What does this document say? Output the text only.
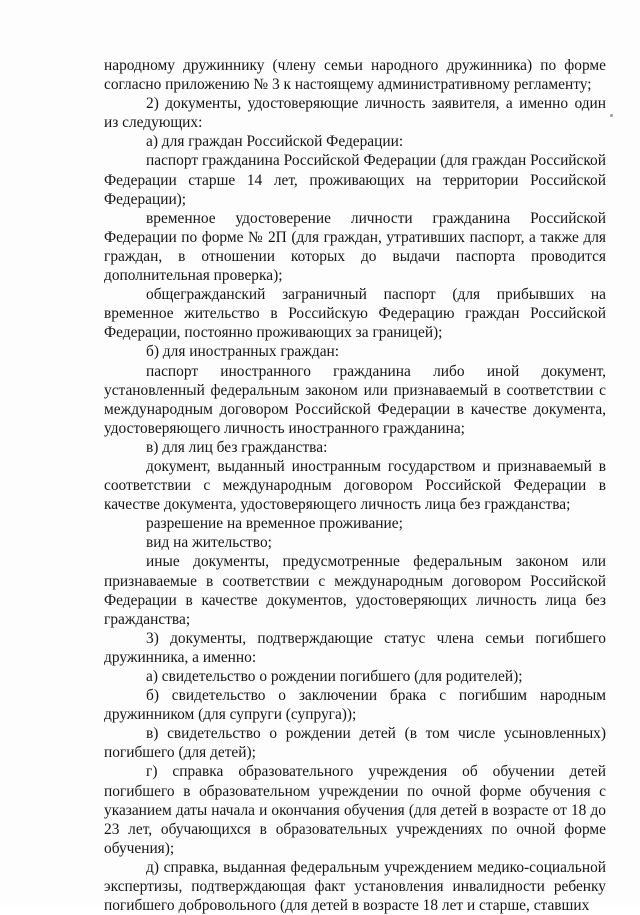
народному дружиннику (члену семьи народного дружинника) по форме согласно приложению № 3 к настоящему административному регламенту;

2) документы, удостоверяющие личность заявителя, а именно один из следующих:

а) для граждан Российской Федерации:

паспорт гражданина Российской Федерации (для граждан Российской Федерации старше 14 лет, проживающих на территории Российской Федерации);

временное удостоверение личности гражданина Российской Федерации по форме № 2П (для граждан, утративших паспорт, а также для граждан, в отношении которых до выдачи паспорта проводится дополнительная проверка);

общегражданский заграничный паспорт (для прибывших на временное жительство в Российскую Федерацию граждан Российской Федерации, постоянно проживающих за границей);

б) для иностранных граждан:

паспорт иностранного гражданина либо иной документ, установленный федеральным законом или признаваемый в соответствии с международным договором Российской Федерации в качестве документа, удостоверяющего личность иностранного гражданина;

в) для лиц без гражданства:

документ, выданный иностранным государством и признаваемый в соответствии с международным договором Российской Федерации в качестве документа, удостоверяющего личность лица без гражданства;

разрешение на временное проживание;

вид на жительство;

иные документы, предусмотренные федеральным законом или признаваемые в соответствии с международным договором Российской Федерации в качестве документов, удостоверяющих личность лица без гражданства;

3) документы, подтверждающие статус члена семьи погибшего дружинника, а именно:

а) свидетельство о рождении погибшего (для родителей);

б) свидетельство о заключении брака с погибшим народным дружинником (для супруги (супруга));

в) свидетельство о рождении детей (в том числе усыновленных) погибшего (для детей);

г) справка образовательного учреждения об обучении детей погибшего в образовательном учреждении по очной форме обучения с указанием даты начала и окончания обучения (для детей в возрасте от 18 до 23 лет, обучающихся в образовательных учреждениях по очной форме обучения);

д) справка, выданная федеральным учреждением медико-социальной экспертизы, подтверждающая факт установления инвалидности ребенку погибшего добровольного (для детей в возрасте 18 лет и старше, ставших
